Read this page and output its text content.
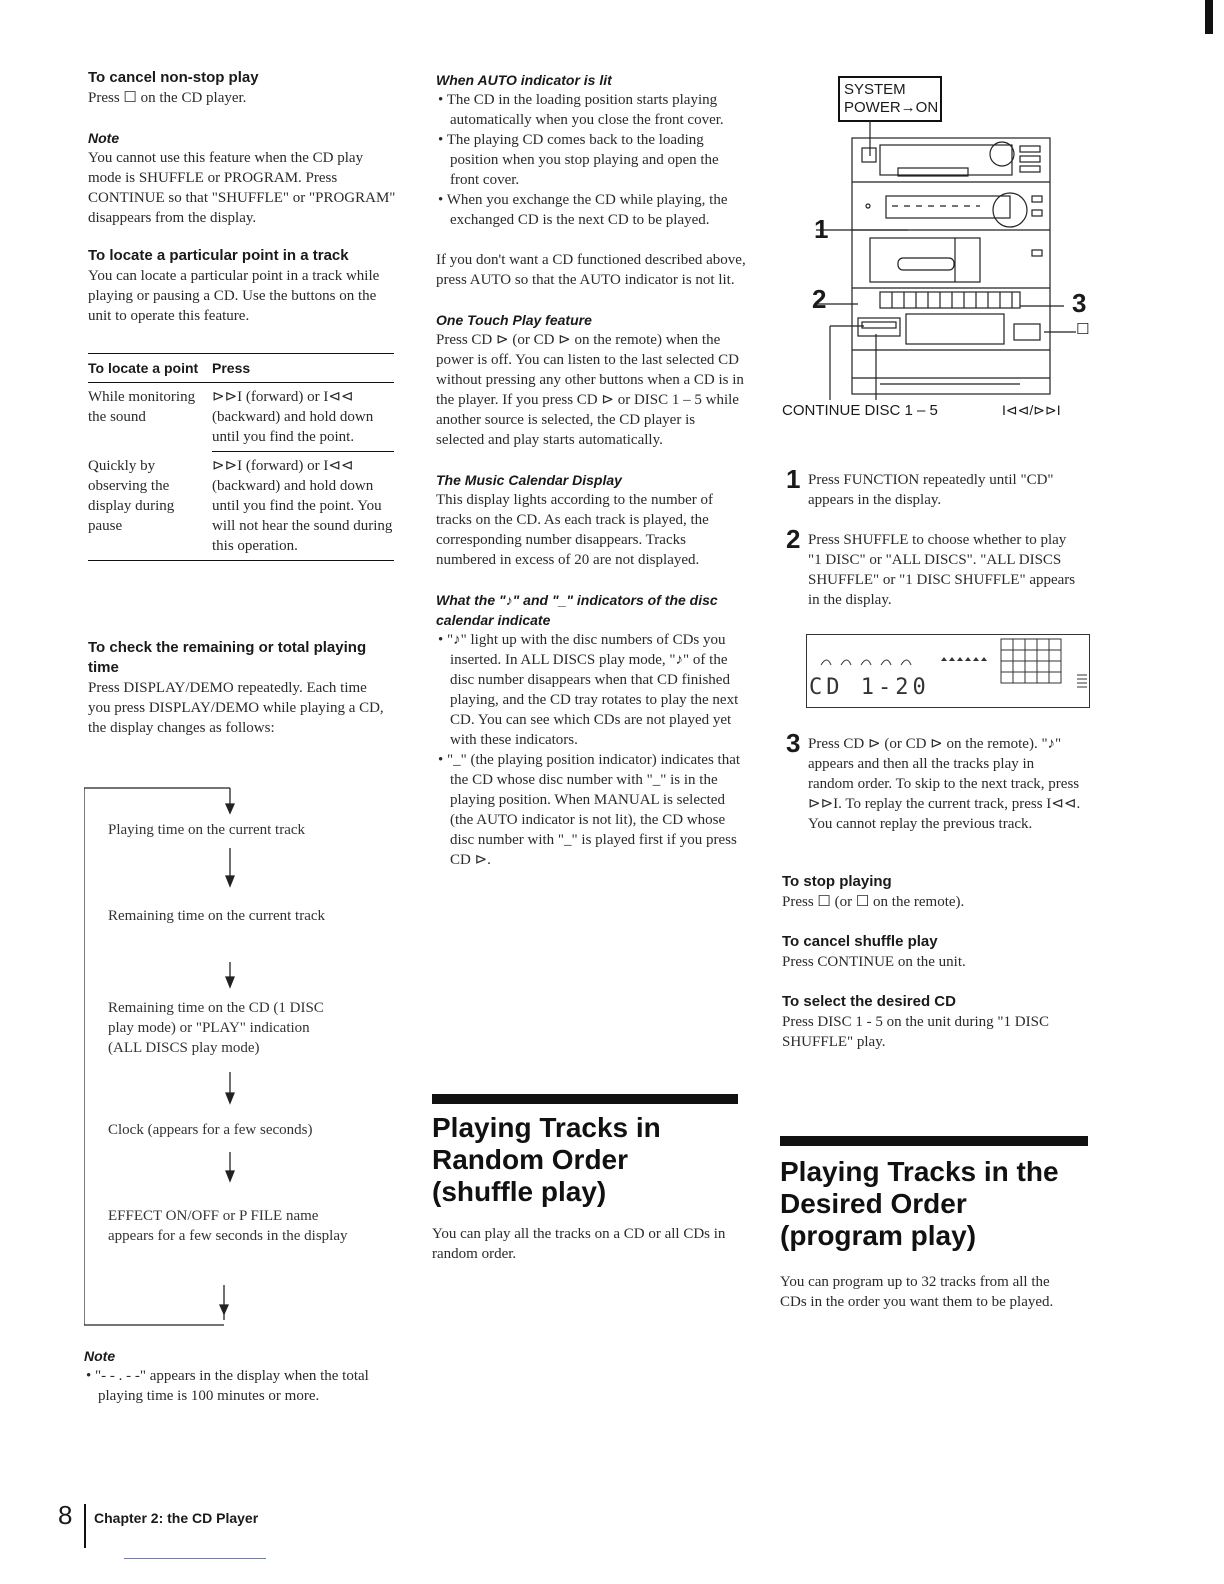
To cancel non-stop play
Press ☐ on the CD player.
Note
You cannot use this feature when the CD play mode is SHUFFLE or PROGRAM. Press CONTINUE so that "SHUFFLE" or "PROGRAM" disappears from the display.
To locate a particular point in a track
You can locate a particular point in a track while playing or pausing a CD. Use the buttons on the unit to operate this feature.
To locate a point	Press

While monitoring the sound	⊳⊳I (forward) or I⊲⊲ (backward) and hold down until you find the point.

Quickly by observing the display during pause	⊳⊳I (forward) or I⊲⊲ (backward) and hold down until you find the point. You will not hear the sound during this operation.
To check the remaining or total playing time
Press DISPLAY/DEMO repeatedly. Each time you press DISPLAY/DEMO while playing a CD, the display changes as follows:
Playing time on the current track
Remaining time on the current track
Remaining time on the CD (1 DISC play mode) or "PLAY" indication (ALL DISCS play mode)
Clock (appears for a few seconds)
EFFECT ON/OFF or P FILE name appears for a few seconds in the display
Note
• "- - . - -" appears in the display when the total playing time is 100 minutes or more.
When AUTO indicator is lit
• The CD in the loading position starts playing automatically when you close the front cover.
• The playing CD comes back to the loading position when you stop playing and open the front cover.
• When you exchange the CD while playing, the exchanged CD is the next CD to be played.
If you don't want a CD functioned described above, press AUTO so that the AUTO indicator is not lit.
One Touch Play feature
Press CD ⊳ (or CD ⊳ on the remote) when the power is off. You can listen to the last selected CD without pressing any other buttons when a CD is in the player. If you press CD ⊳ or DISC 1 – 5 while another source is selected, the CD player is selected and play starts automatically.
The Music Calendar Display
This display lights according to the number of tracks on the CD. As each track is played, the corresponding number disappears. Tracks numbered in excess of 20 are not displayed.
What the "♪" and "_" indicators of the disc calendar indicate
• "♪" light up with the disc numbers of CDs you inserted. In ALL DISCS play mode, "♪" of the disc number disappears when that CD finished playing, and the CD tray rotates to play the next CD. You can see which CDs are not played yet with these indicators.
• "_" (the playing position indicator) indicates that the CD whose disc number with "_" is in the playing position. When MANUAL is selected (the AUTO indicator is not lit), the CD whose disc number with "_" is played first if you press CD ⊳.
Playing Tracks in Random Order (shuffle play)
You can play all the tracks on a CD or all CDs in random order.
SYSTEM
POWER→ON
1
2	3
☐
CONTINUE DISC 1 – 5	I⊲⊲/⊳⊳I
1 Press FUNCTION repeatedly until "CD" appears in the display.
2 Press SHUFFLE to choose whether to play "1 DISC" or "ALL DISCS". "ALL DISCS SHUFFLE" or "1 DISC SHUFFLE" appears in the display.
CD 1-20
3 Press CD ⊳ (or CD ⊳ on the remote). "♪" appears and then all the tracks play in random order. To skip to the next track, press ⊳⊳I. To replay the current track, press I⊲⊲. You cannot replay the previous track.
To stop playing
Press ☐ (or ☐ on the remote).
To cancel shuffle play
Press CONTINUE on the unit.
To select the desired CD
Press DISC 1 - 5 on the unit during "1 DISC SHUFFLE" play.
Playing Tracks in the Desired Order (program play)
You can program up to 32 tracks from all the CDs in the order you want them to be played.
8 Chapter 2: the CD Player
